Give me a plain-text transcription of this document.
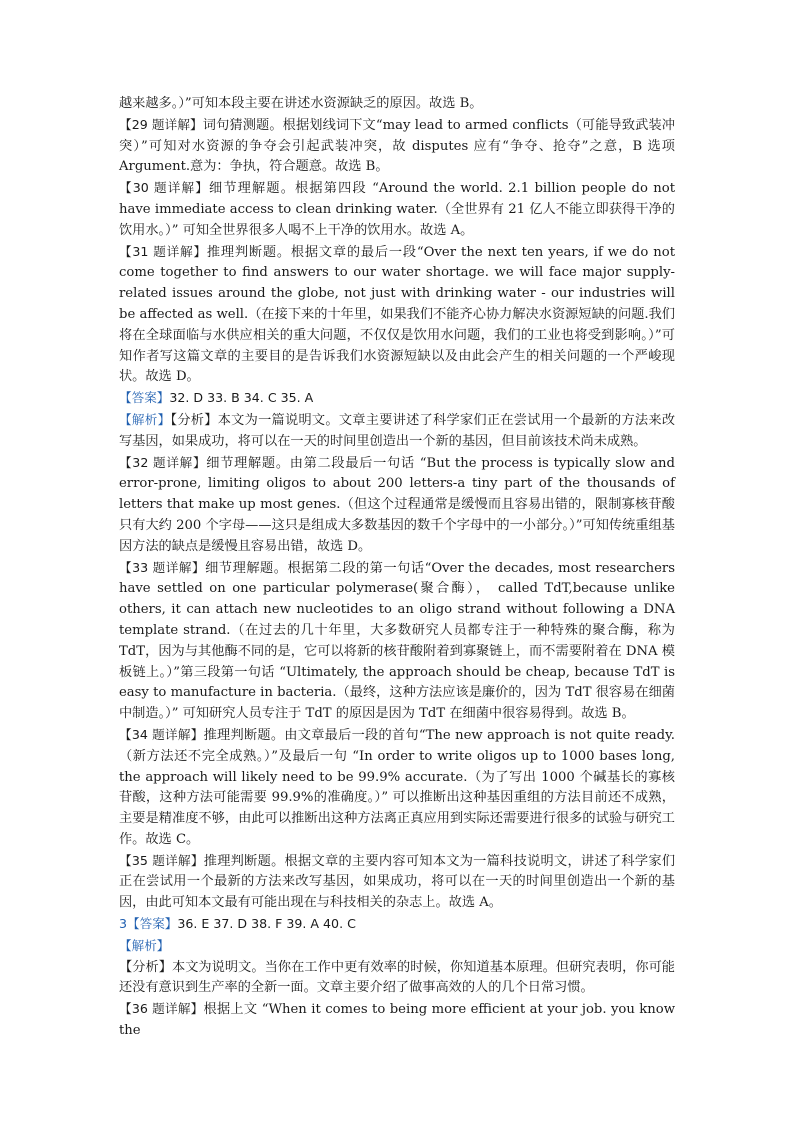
越来越多。）”可知本段主要在讲述水资源缺乏的原因。故选 B。

【29 题详解】词句猜测题。根据划线词下文“may lead to armed conflicts（可能导致武装冲突）”可知对水资源的争夺会引起武装冲突，故 disputes 应有“争夺、抢夺”之意，B 选项 Argument.意为：争执，符合题意。故选 B。

【30 题详解】细节理解题。根据第四段 “Around the world. 2.1 billion people do not have immediate access to clean drinking water.（全世界有 21 亿人不能立即获得干净的饮用水。）” 可知全世界很多人喝不上干净的饮用水。故选 A。

【31 题详解】推理判断题。根据文章的最后一段“Over the next ten years, if we do not come together to find answers to our water shortage. we will face major supply-related issues around the globe, not just with drinking water - our industries will be affected as well.（在接下来的十年里，如果我们不能齐心协力解决水资源短缺的问题.我们将在全球面临与水供应相关的重大问题，不仅仅是饮用水问题，我们的工业也将受到影响。）”可知作者写这篇文章的主要目的是告诉我们水资源短缺以及由此会产生的相关问题的一个严峻现状。故选 D。

【答案】32. D 33. B 34. C 35. A

【解析】【分析】本文为一篇说明文。文章主要讲述了科学家们正在尝试用一个最新的方法来改写基因，如果成功，将可以在一天的时间里创造出一个新的基因，但目前该技术尚未成熟。

【32 题详解】细节理解题。由第二段最后一句话 “But the process is typically slow and error-prone, limiting oligos to about 200 letters-a tiny part of the thousands of letters that make up most genes.（但这个过程通常是缓慢而且容易出错的，限制寡核苷酸只有大约 200 个字母——这只是组成大多数基因的数千个字母中的一小部分。）”可知传统重组基因方法的缺点是缓慢且容易出错，故选 D。

【33 题详解】细节理解题。根据第二段的第一句话“Over the decades, most researchers have settled on one particular polymerase(聚合酶）， called TdT,because unlike others, it can attach new nucleotides to an oligo strand without following a DNA template strand.（在过去的几十年里，大多数研究人员都专注于一种特殊的聚合酶，称为 TdT，因为与其他酶不同的是，它可以将新的核苷酸附着到寡聚链上，而不需要附着在 DNA 模板链上。）”第三段第一句话 “Ultimately, the approach should be cheap, because TdT is easy to manufacture in bacteria.（最终，这种方法应该是廉价的，因为 TdT 很容易在细菌中制造。）” 可知研究人员专注于 TdT 的原因是因为 TdT 在细菌中很容易得到。故选 B。

【34 题详解】推理判断题。由文章最后一段的首句“The new approach is not quite ready.（新方法还不完全成熟。）”及最后一句 “In order to write oligos up to 1000 bases long, the approach will likely need to be 99.9% accurate.（为了写出 1000 个碱基长的寡核苷酸，这种方法可能需要 99.9%的准确度。）” 可以推断出这种基因重组的方法目前还不成熟，主要是精准度不够，由此可以推断出这种方法离正真应用到实际还需要进行很多的试验与研究工作。故选 C。

【35 题详解】推理判断题。根据文章的主要内容可知本文为一篇科技说明文，讲述了科学家们正在尝试用一个最新的方法来改写基因，如果成功，将可以在一天的时间里创造出一个新的基因，由此可知本文最有可能出现在与科技相关的杂志上。故选 A。

3【答案】36. E 37. D 38. F 39. A 40. C

【解析】

【分析】本文为说明文。当你在工作中更有效率的时候，你知道基本原理。但研究表明，你可能还没有意识到生产率的全新一面。文章主要介绍了做事高效的人的几个日常习惯。

【36 题详解】根据上文 “When it comes to being more efficient at your job. you know the
